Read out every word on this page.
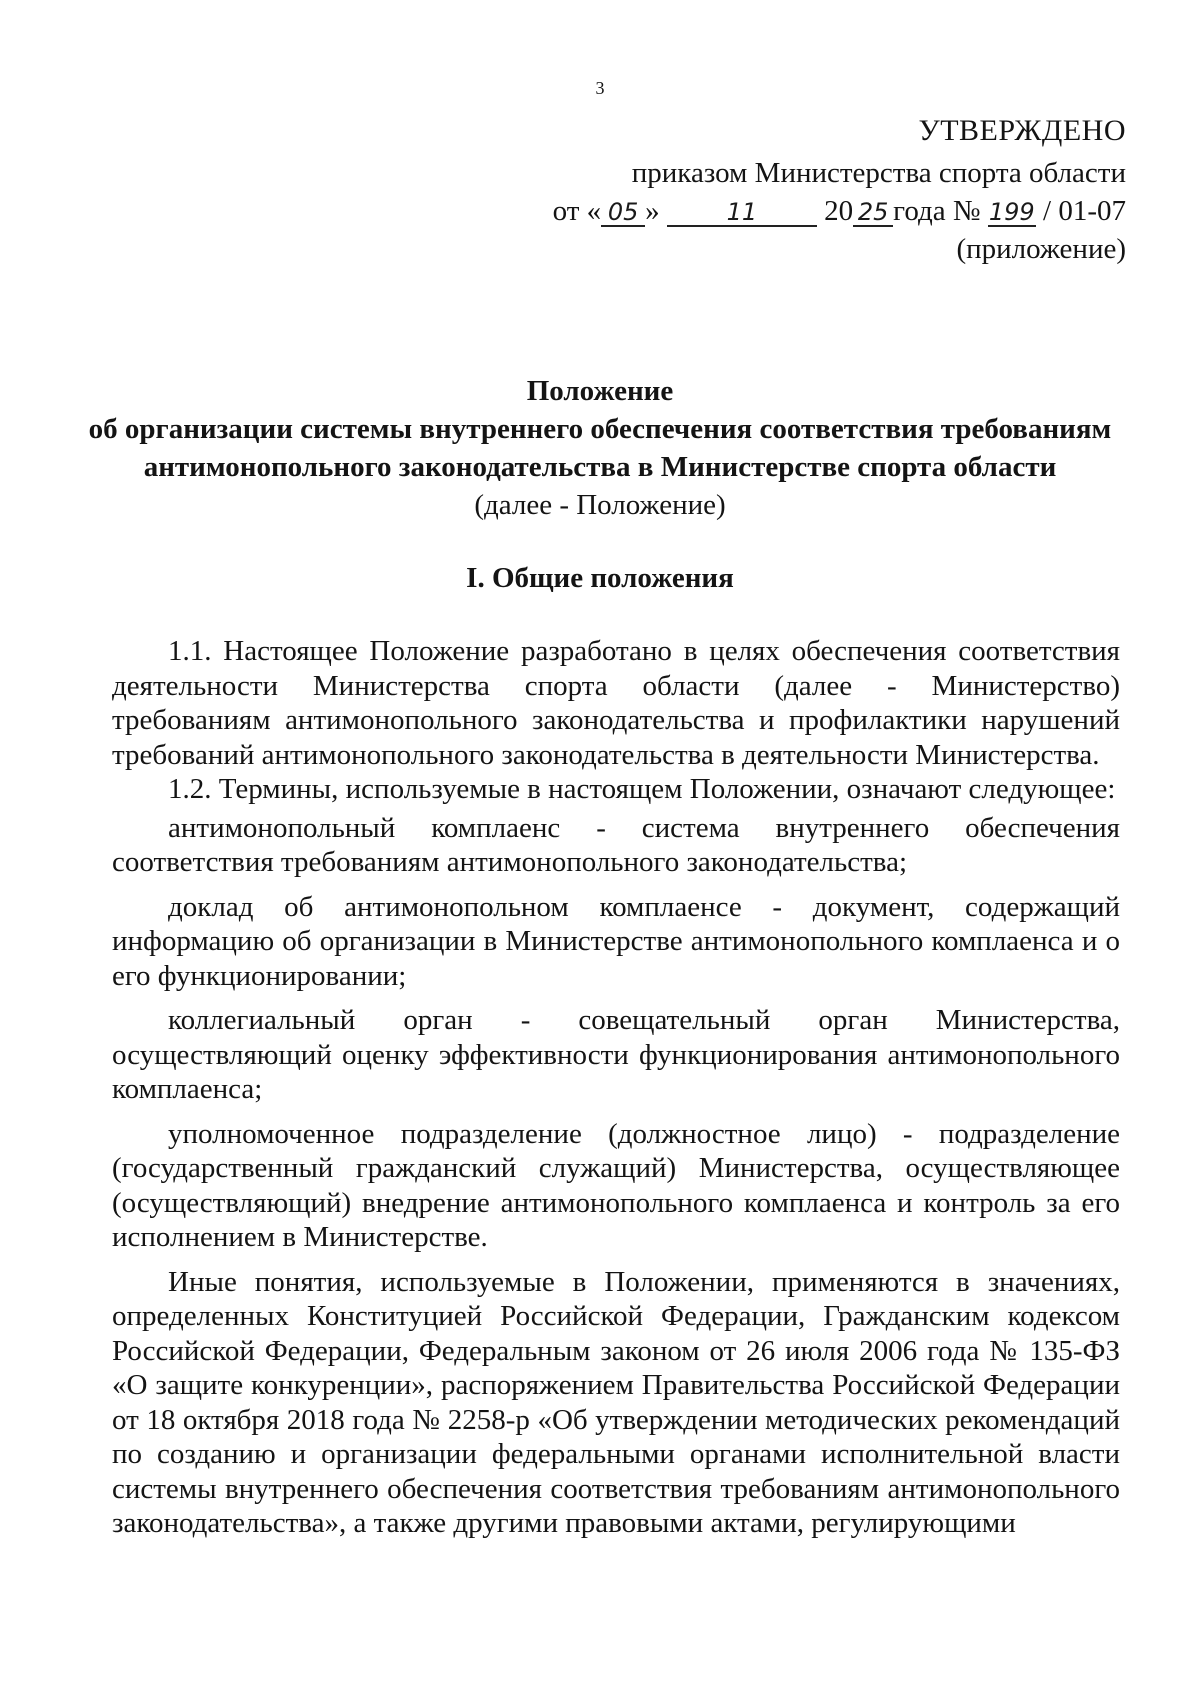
3
УТВЕРЖДЕНО
приказом Министерства спорта области
от « 05 »	11 20 25 года № 199 / 01-07
(приложение)
Положение
об организации системы внутреннего обеспечения соответствия требованиям
антимонопольного законодательства в Министерстве спорта области
(далее - Положение)
I. Общие положения

1.1. Настоящее Положение разработано в целях обеспечения соответствия деятельности Министерства спорта области (далее - Министерство) требованиям антимонопольного законодательства и профилактики нарушений требований антимонопольного законодательства в деятельности Министерства.

1.2. Термины, используемые в настоящем Положении, означают следующее:

антимонопольный комплаенс - система внутреннего обеспечения соответствия требованиям антимонопольного законодательства;

доклад об антимонопольном комплаенсе - документ, содержащий информацию об организации в Министерстве антимонопольного комплаенса и о его функционировании;

коллегиальный орган - совещательный орган Министерства, осуществляющий оценку эффективности функционирования антимонопольного комплаенса;

уполномоченное подразделение (должностное лицо) - подразделение (государственный гражданский служащий) Министерства, осуществляющее (осуществляющий) внедрение антимонопольного комплаенса и контроль за его исполнением в Министерстве.

Иные понятия, используемые в Положении, применяются в значениях, определенных Конституцией Российской Федерации, Гражданским кодексом Российской Федерации, Федеральным законом от 26 июля 2006 года № 135-ФЗ «О защите конкуренции», распоряжением Правительства Российской Федерации от 18 октября 2018 года № 2258-р «Об утверждении методических рекомендаций по созданию и организации федеральными органами исполнительной власти системы внутреннего обеспечения соответствия требованиям антимонопольного законодательства», а также другими правовыми актами, регулирующими
